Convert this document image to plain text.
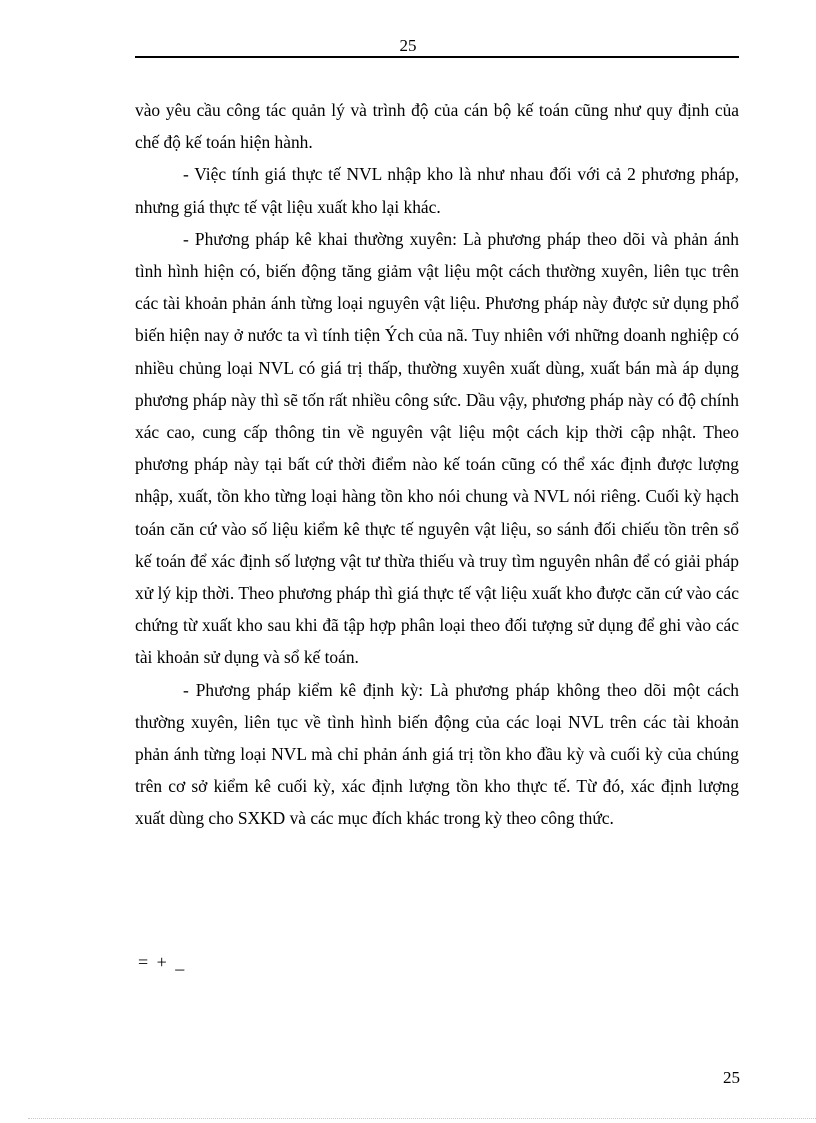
25

vào yêu cầu công tác quản lý và trình độ của cán bộ kế toán cũng như quy định của chế độ kế toán hiện hành.

- Việc tính giá thực tế NVL nhập kho là như nhau đối với cả 2 phương pháp, nhưng giá thực tế vật liệu xuất kho lại khác.

- Phương pháp kê khai thường xuyên: Là phương pháp theo dõi và phản ánh tình hình hiện có, biến động tăng giảm vật liệu một cách thường xuyên, liên tục trên các tài khoản phản ánh từng loại nguyên vật liệu. Phương pháp này được sử dụng phổ biến hiện nay ở nước ta vì tính tiện Ých của nã. Tuy nhiên với những doanh nghiệp có nhiều chủng loại NVL có giá trị thấp, thường xuyên xuất dùng, xuất bán mà áp dụng phương pháp này thì sẽ tốn rất nhiều công sức. Dầu vậy, phương pháp này có độ chính xác cao, cung cấp thông tin về nguyên vật liệu một cách kịp thời cập nhật. Theo phương pháp này tại bất cứ thời điểm nào kế toán cũng có thể xác định được lượng nhập, xuất, tồn kho từng loại hàng tồn kho nói chung và NVL nói riêng. Cuối kỳ hạch toán căn cứ vào số liệu kiểm kê thực tế nguyên vật liệu, so sánh đối chiếu tồn trên sổ kế toán để xác định số lượng vật tư thừa thiếu và truy tìm nguyên nhân để có giải pháp xử lý kịp thời. Theo phương pháp thì giá thực tế vật liệu xuất kho được căn cứ vào các chứng từ xuất kho sau khi đã tập hợp phân loại theo đối tượng sử dụng để ghi vào các tài khoản sử dụng và sổ kế toán.

- Phương pháp kiểm kê định kỳ: Là phương pháp không theo dõi một cách thường xuyên, liên tục về tình hình biến động của các loại NVL trên các tài khoản phản ánh từng loại NVL mà chỉ phản ánh giá trị tồn kho đầu kỳ và cuối kỳ của chúng trên cơ sở kiểm kê cuối kỳ, xác định lượng tồn kho thực tế. Từ đó, xác định lượng xuất dùng cho SXKD và các mục đích khác trong kỳ theo công thức.

= + _
25
